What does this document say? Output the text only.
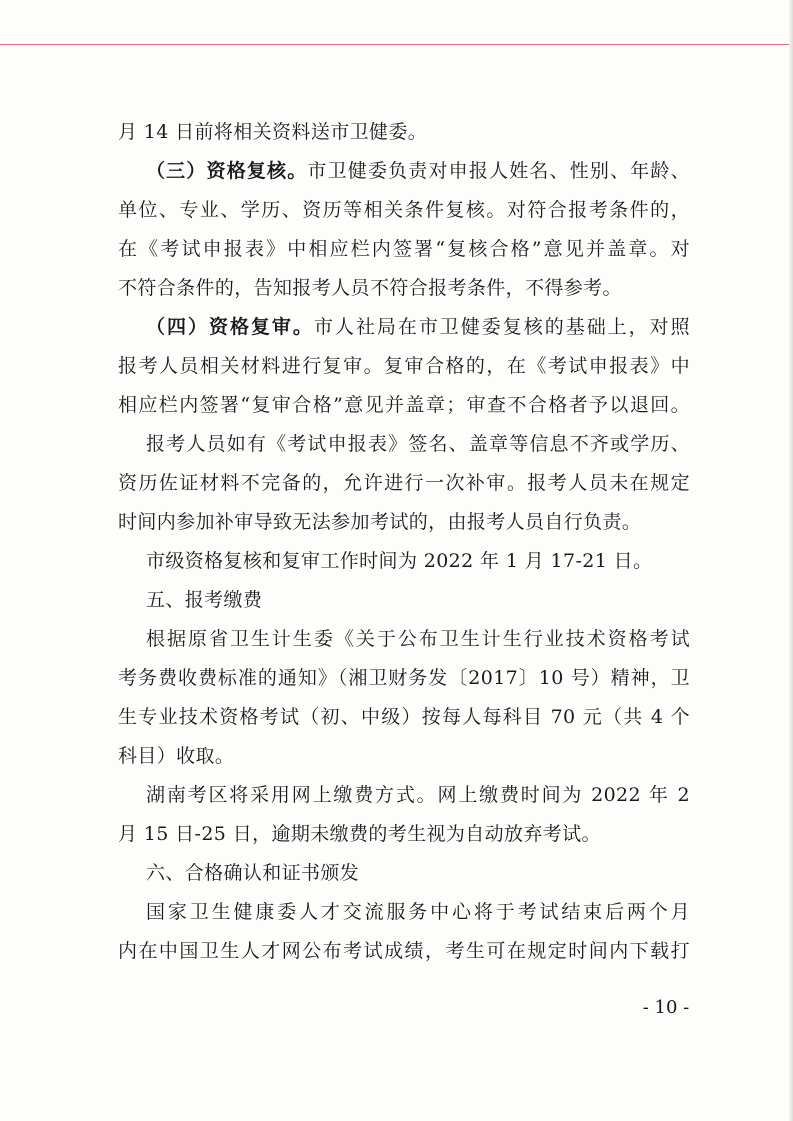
月 14 日前将相关资料送市卫健委。
（三）资格复核。市卫健委负责对申报人姓名、性别、年龄、
单位、专业、学历、资历等相关条件复核。对符合报考条件的，
在《考试申报表》中相应栏内签署“复核合格”意见并盖章。对
不符合条件的，告知报考人员不符合报考条件，不得参考。
（四）资格复审。市人社局在市卫健委复核的基础上，对照
报考人员相关材料进行复审。复审合格的，在《考试申报表》中
相应栏内签署“复审合格”意见并盖章；审查不合格者予以退回。
报考人员如有《考试申报表》签名、盖章等信息不齐或学历、
资历佐证材料不完备的，允许进行一次补审。报考人员未在规定
时间内参加补审导致无法参加考试的，由报考人员自行负责。
市级资格复核和复审工作时间为 2022 年 1 月 17-21 日。
五、报考缴费
根据原省卫生计生委《关于公布卫生计生行业技术资格考试
考务费收费标准的通知》（湘卫财务发〔2017〕10 号）精神，卫
生专业技术资格考试（初、中级）按每人每科目 70 元（共 4 个
科目）收取。
湖南考区将采用网上缴费方式。网上缴费时间为 2022 年 2
月 15 日-25 日，逾期未缴费的考生视为自动放弃考试。
六、合格确认和证书颁发
国家卫生健康委人才交流服务中心将于考试结束后两个月
内在中国卫生人才网公布考试成绩，考生可在规定时间内下载打
- 10 -
